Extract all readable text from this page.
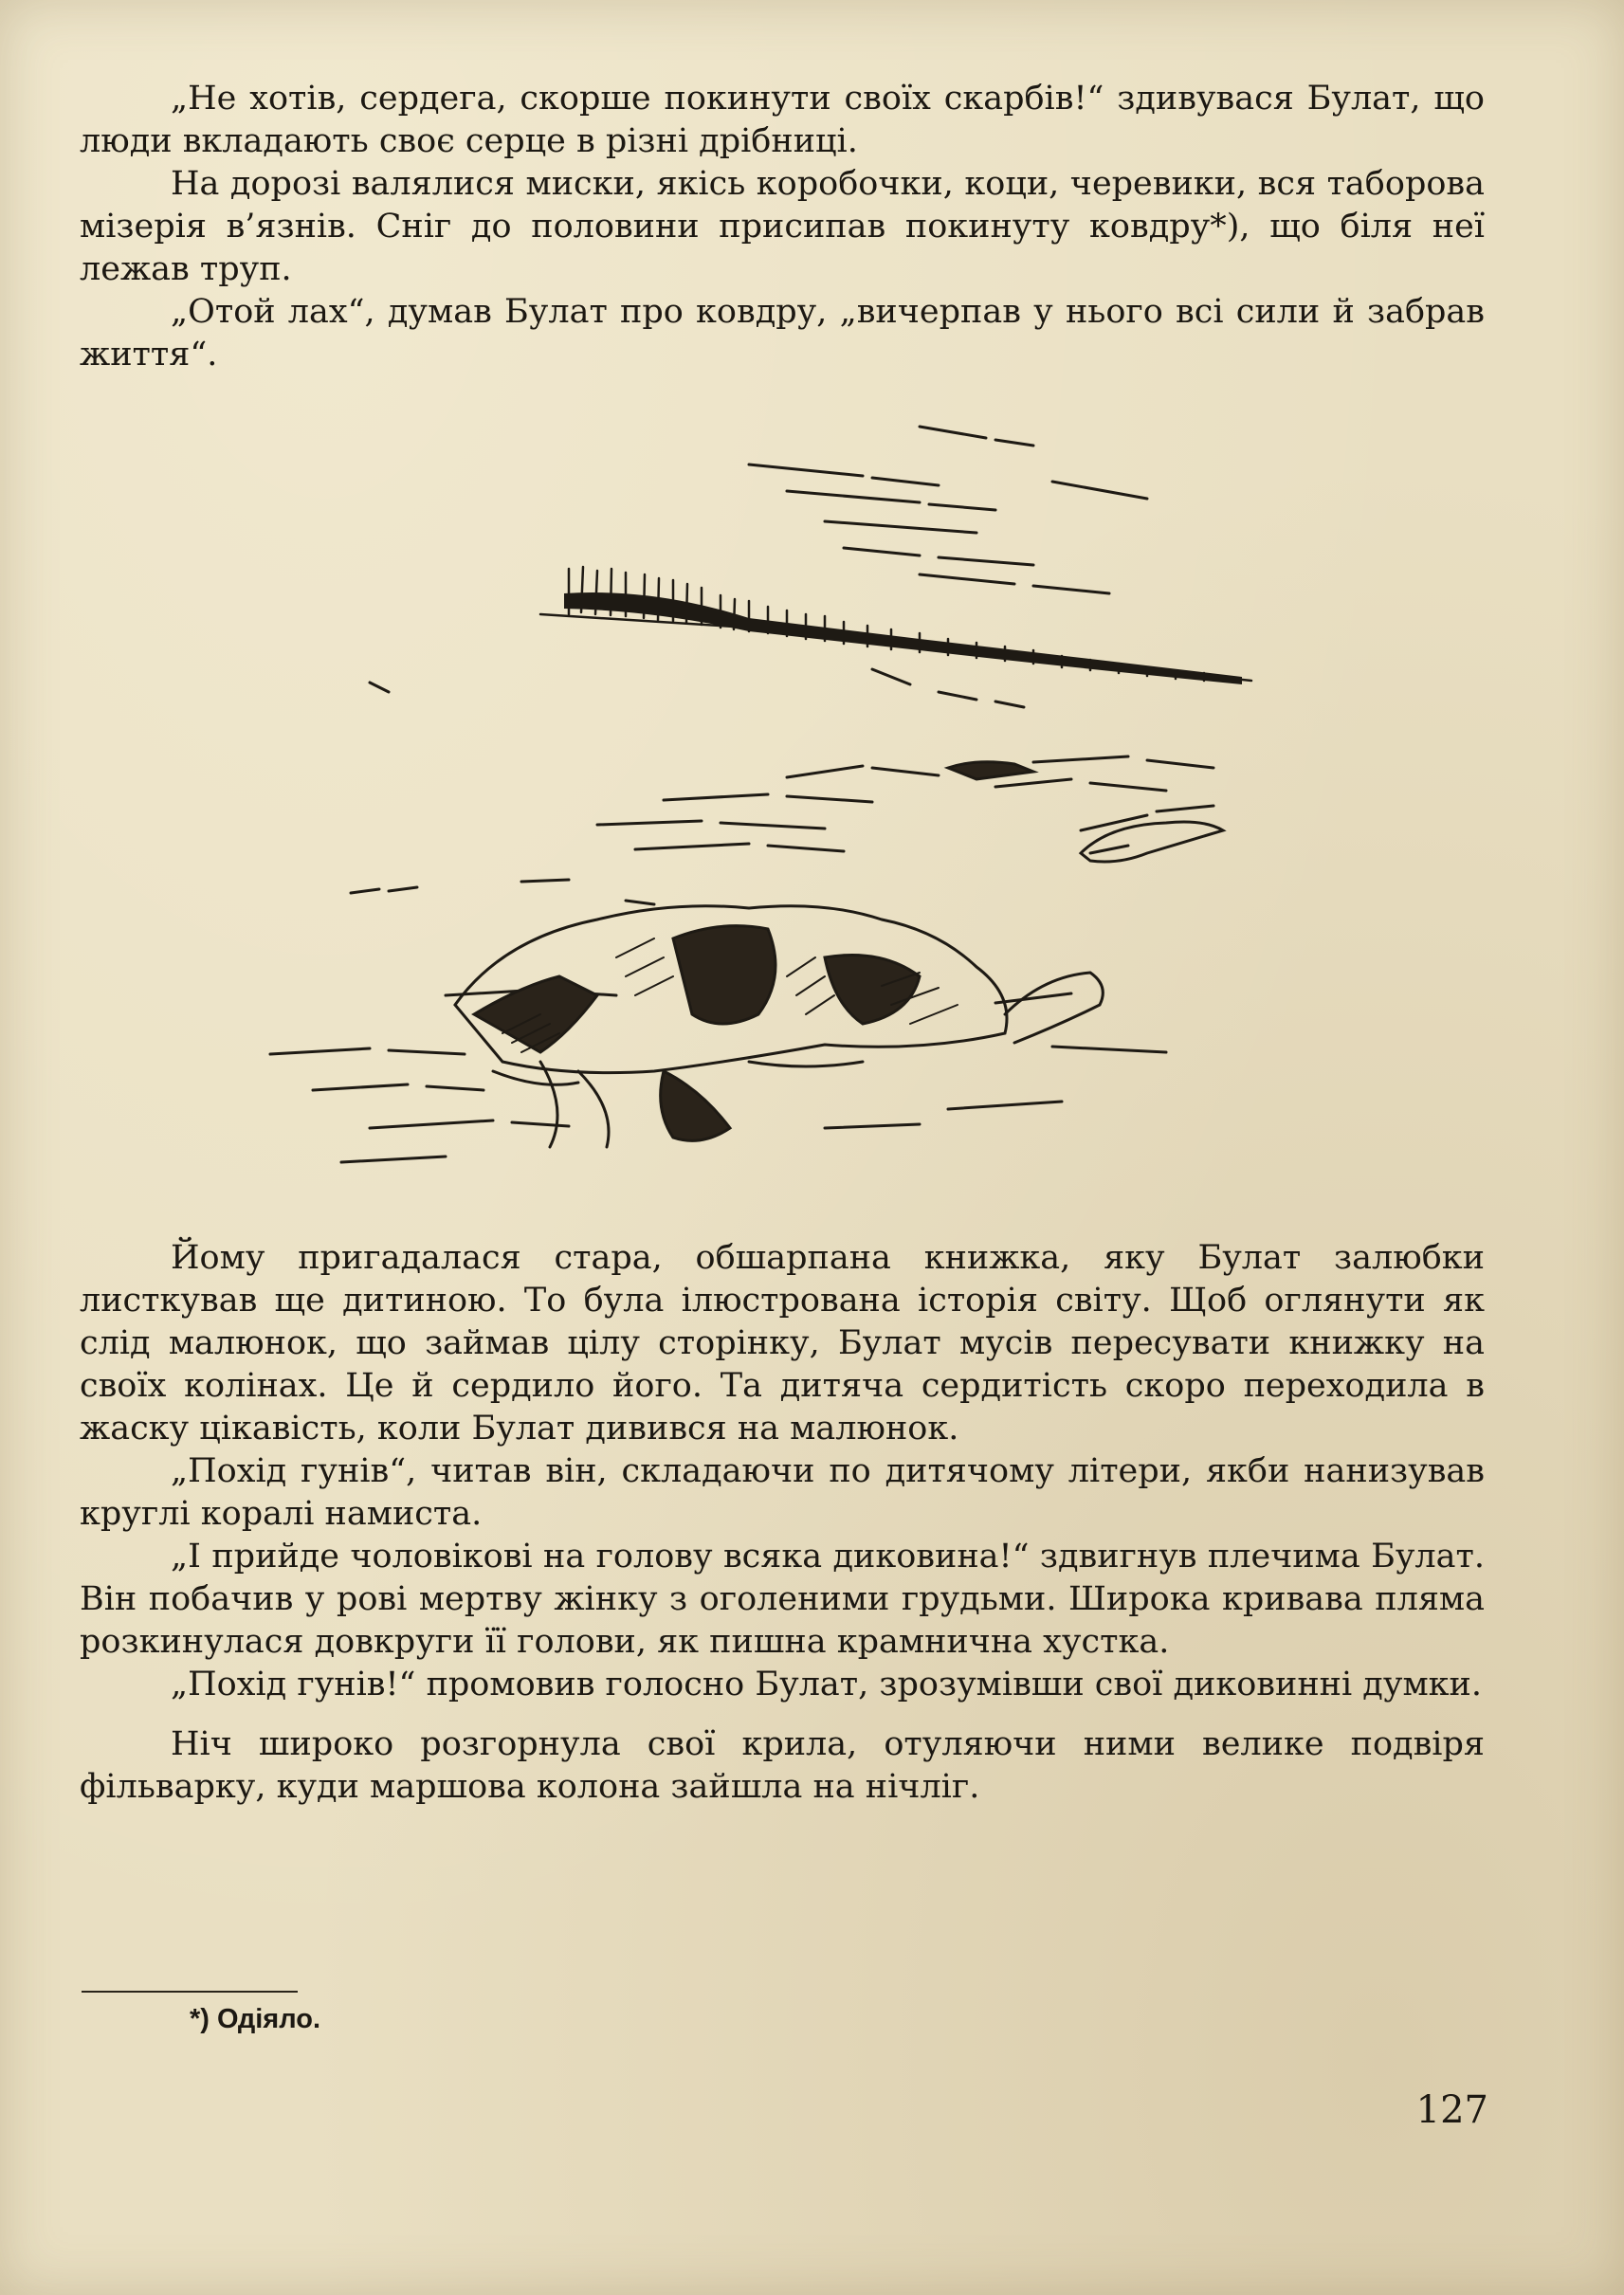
„Не хотів, сердега, скорше покинути своїх скарбів!“ здивувася Булат, що люди вкладають своє серце в різні дрібниці.

На дорозі валялися миски, якісь коробочки, коци, черевики, вся таборова мізерія в’язнів. Сніг до половини присипав покинуту ковдру*), що біля неї лежав труп.

„Отой лах“, думав Булат про ковдру, „вичерпав у нього всі сили й забрав життя“.

Йому пригадалася стара, обшарпана книжка, яку Булат залюбки листкував ще дитиною. То була ілюстрована історія світу. Щоб оглянути як слід малюнок, що займав цілу сторінку, Булат мусів пересувати книжку на своїх колінах. Це й сердило його. Та дитяча сердитість скоро переходила в жаску цікавість, коли Булат дивився на малюнок.

„Похід гунів“, читав він, складаючи по дитячому літери, якби нанизував круглі коралі намиста.

„І прийде чоловікові на голову всяка диковина!“ здвигнув плечима Булат. Він побачив у рові мертву жінку з оголеними грудьми. Широка кривава пляма розкинулася довкруги її голови, як пишна крамнична хустка.

„Похід гунів!“ промовив голосно Булат, зрозумівши свої диковинні думки.

Ніч широко розгорнула свої крила, отуляючи ними велике подвіря фільварку, куди маршова колона зайшла на нічліг.

*) Одіяло.
127
